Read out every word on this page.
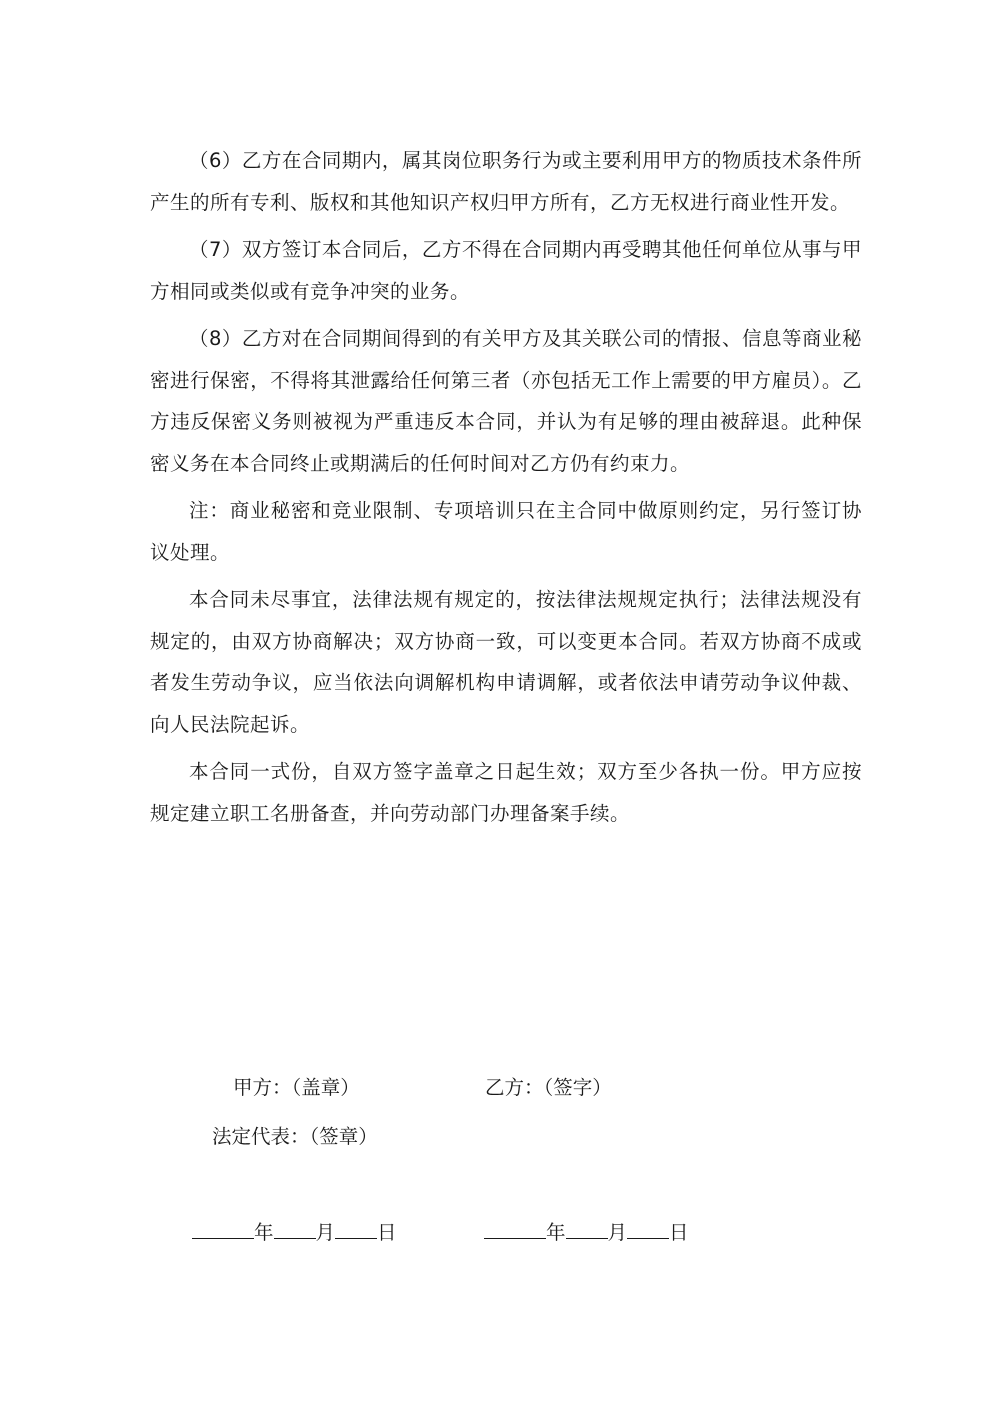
（6）乙方在合同期内，属其岗位职务行为或主要利用甲方的物质技术条件所产生的所有专利、版权和其他知识产权归甲方所有，乙方无权进行商业性开发。

（7）双方签订本合同后，乙方不得在合同期内再受聘其他任何单位从事与甲方相同或类似或有竞争冲突的业务。

（8）乙方对在合同期间得到的有关甲方及其关联公司的情报、信息等商业秘密进行保密，不得将其泄露给任何第三者（亦包括无工作上需要的甲方雇员）。乙方违反保密义务则被视为严重违反本合同，并认为有足够的理由被辞退。此种保密义务在本合同终止或期满后的任何时间对乙方仍有约束力。

注：商业秘密和竞业限制、专项培训只在主合同中做原则约定，另行签订协议处理。

本合同未尽事宜，法律法规有规定的，按法律法规规定执行；法律法规没有规定的，由双方协商解决；双方协商一致，可以变更本合同。若双方协商不成或者发生劳动争议，应当依法向调解机构申请调解，或者依法申请劳动争议仲裁、向人民法院起诉。

本合同一式份，自双方签字盖章之日起生效；双方至少各执一份。甲方应按规定建立职工名册备查，并向劳动部门办理备案手续。

甲方：（盖章）	乙方：（签字）
法定代表：（签章）
年 月 日	年 月 日
